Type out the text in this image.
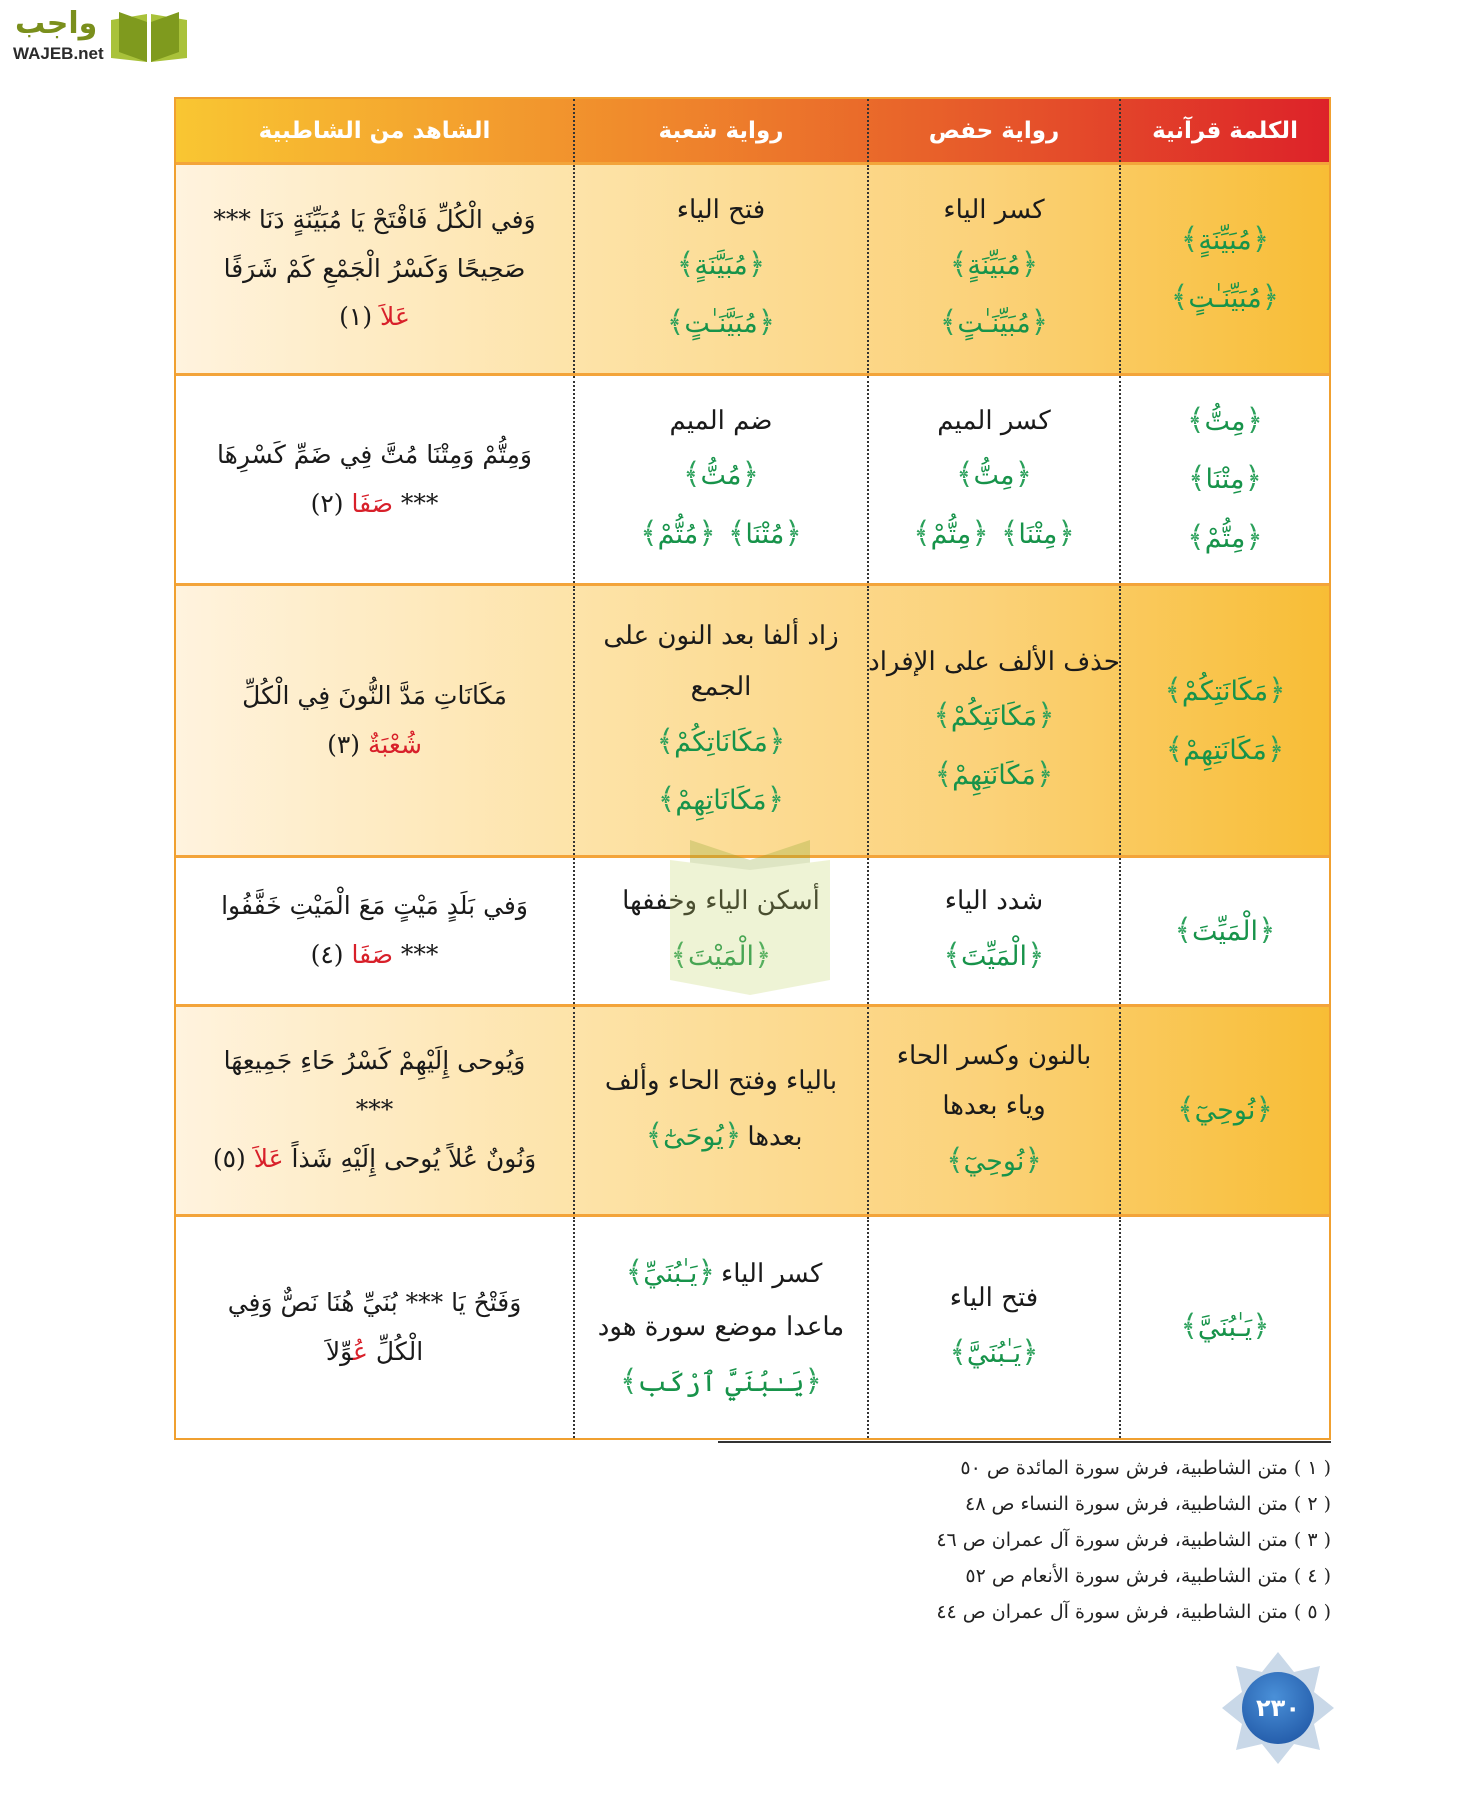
واجب
WAJEB.net
الكلمة قرآنية
رواية حفص
رواية شعبة
الشاهد من الشاطبية
﴿مُبَيِّنَةٍ﴾
﴿مُبَيِّنَـٰتٍ﴾
كسر الياء
﴿مُبَيِّنَةٍ﴾
﴿مُبَيِّنَـٰتٍ﴾
فتح الياء
﴿مُبَيَّنَةٍ﴾
﴿مُبَيَّنَـٰتٍ﴾
وَفي الْكُلِّ فَافْتَحْ يَا مُبَيِّنَةٍ دَنَا ***
صَحِيحًا وَكَسْرُ الْجَمْعِ كَمْ شَرَفًا
عَلاَ (١)
﴿مِتُّ﴾
﴿مِتْنَا﴾
﴿مِتُّمْ﴾
كسر الميم
﴿مِتُّ﴾
﴿مِتْنَا﴾﴿مِتُّمْ﴾
ضم الميم
﴿مُتُّ﴾
﴿مُتْنَا﴾﴿مُتُّمْ﴾
وَمِتُّمْ وَمِتْنَا مُتَّ فِي ضَمِّ كَسْرِهَا
*** صَفَا (٢)
﴿مَكَانَتِكُمْ﴾
﴿مَكَانَتِهِمْ﴾
حذف الألف على الإفراد
﴿مَكَانَتِكُمْ﴾
﴿مَكَانَتِهِمْ﴾
زاد ألفا بعد النون على
الجمع
﴿مَكَانَاتِكُمْ﴾
﴿مَكَانَاتِهِمْ﴾
مَكَانَاتِ مَدَّ النُّونَ فِي الْكُلِّ
شُعْبَةٌ (٣)
﴿الْمَيِّتَ﴾
شدد الياء
﴿الْمَيِّتَ﴾
أسكن الياء وخففها
﴿الْمَيْتَ﴾
وَفي بَلَدٍ مَيْتٍ مَعَ الْمَيْتِ خَفَّفُوا
*** صَفَا (٤)
﴿نُوحِيٓ﴾
بالنون وكسر الحاء
وياء بعدها
﴿نُوحِيٓ﴾
بالياء وفتح الحاء وألف
بعدها﴿يُوحَىٰٓ﴾
وَيُوحى إِلَيْهِمْ كَسْرُ حَاءِ جَمِيعِهَا
***
وَنُونٌ عُلاً يُوحى إِلَيْهِ شَذاً عَلاَ (٥)
﴿يَـٰبُنَيَّ﴾
فتح الياء
﴿يَـٰبُنَيَّ﴾
كسر الياء﴿يَـٰبُنَيِّ﴾
ماعدا موضع سورة هود
﴿يَـٰبُنَيَّ ٱرْكَب﴾
وَفَتْحُ يَا *** بُنَيِّ هُنَا نَصٌّ وَفِي
الْكُلِّ عُوِّلاَ
( ١ ) متن الشاطبية، فرش سورة المائدة ص ٥٠
( ٢ ) متن الشاطبية، فرش سورة النساء ص ٤٨
( ٣ ) متن الشاطبية، فرش سورة آل عمران ص ٤٦
( ٤ ) متن الشاطبية، فرش سورة الأنعام ص ٥٢
( ٥ ) متن الشاطبية، فرش سورة آل عمران ص ٤٤
٢٣٠
